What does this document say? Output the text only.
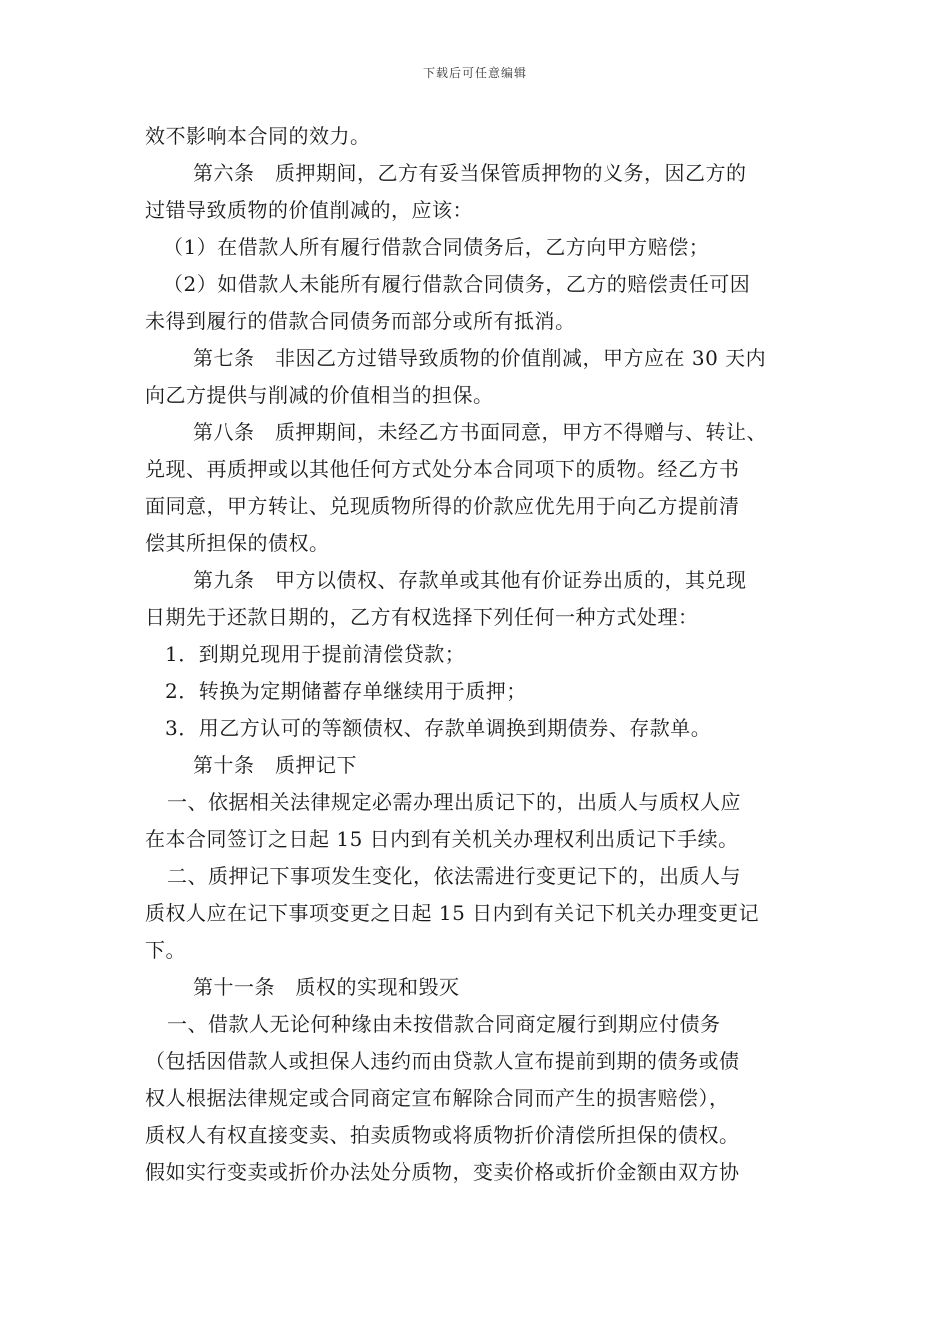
下载后可任意编辑
效不影响本合同的效力。
第六条　质押期间，乙方有妥当保管质押物的义务，因乙方的
过错导致质物的价值削减的，应该：
（1）在借款人所有履行借款合同债务后，乙方向甲方赔偿；
（2）如借款人未能所有履行借款合同债务，乙方的赔偿责任可因
未得到履行的借款合同债务而部分或所有抵消。
第七条　非因乙方过错导致质物的价值削减，甲方应在 30 天内
向乙方提供与削减的价值相当的担保。
第八条　质押期间，未经乙方书面同意，甲方不得赠与、转让、
兑现、再质押或以其他任何方式处分本合同项下的质物。经乙方书
面同意，甲方转让、兑现质物所得的价款应优先用于向乙方提前清
偿其所担保的债权。
第九条　甲方以债权、存款单或其他有价证券出质的，其兑现
日期先于还款日期的，乙方有权选择下列任何一种方式处理：
1．到期兑现用于提前清偿贷款；
2．转换为定期储蓄存单继续用于质押；
3．用乙方认可的等额债权、存款单调换到期债券、存款单。
第十条　质押记下
一、依据相关法律规定必需办理出质记下的，出质人与质权人应
在本合同签订之日起 15 日内到有关机关办理权利出质记下手续。
二、质押记下事项发生变化，依法需进行变更记下的，出质人与
质权人应在记下事项变更之日起 15 日内到有关记下机关办理变更记
下。
第十一条　质权的实现和毁灭
一、借款人无论何种缘由未按借款合同商定履行到期应付债务
（包括因借款人或担保人违约而由贷款人宣布提前到期的债务或债
权人根据法律规定或合同商定宣布解除合同而产生的损害赔偿），
质权人有权直接变卖、拍卖质物或将质物折价清偿所担保的债权。
假如实行变卖或折价办法处分质物，变卖价格或折价金额由双方协
